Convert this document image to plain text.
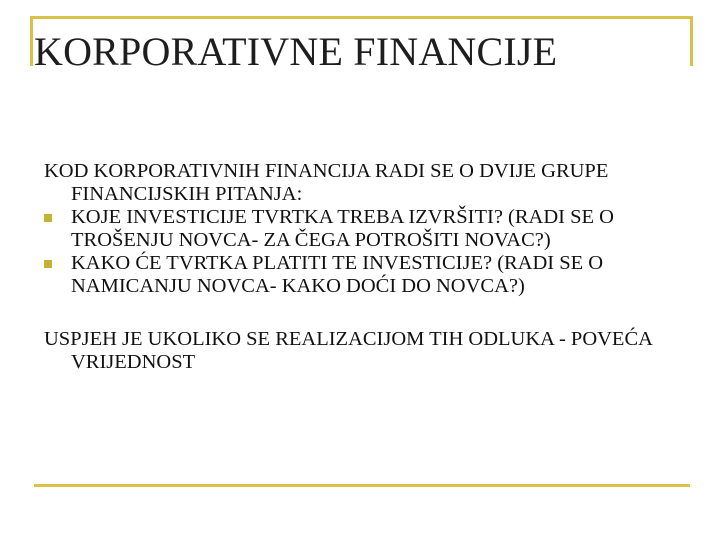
KORPORATIVNE FINANCIJE

KOD KORPORATIVNIH FINANCIJA RADI SE O DVIJE GRUPE FINANCIJSKIH PITANJA:

KOJE INVESTICIJE TVRTKA TREBA IZVRŠITI? (RADI SE O TROŠENJU NOVCA- ZA ČEGA POTROŠITI NOVAC?)
KAKO ĆE TVRTKA PLATITI TE INVESTICIJE? (RADI SE O NAMICANJU NOVCA- KAKO DOĆI DO NOVCA?)

USPJEH JE UKOLIKO SE REALIZACIJOM TIH ODLUKA - POVEĆA VRIJEDNOST
